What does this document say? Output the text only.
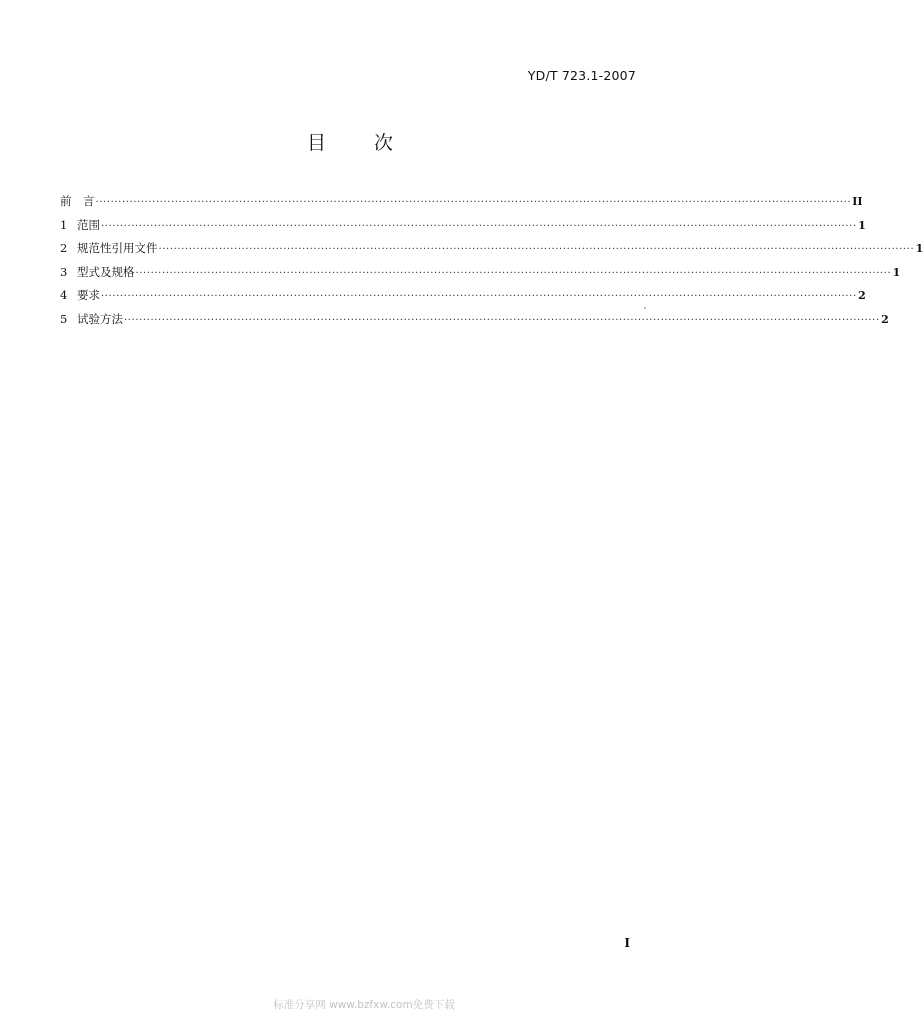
YD/T 723.1-2007
目次
前　言 ········································································································································································································ II
1 范围 ········································································································································································································ 1
2 规范性引用文件 ········································································································································································································ 1
3 型式及规格 ········································································································································································································ 1
4 要求 ········································································································································································································ 2
5 试验方法 ········································································································································································································ 2
I
标准分享网 www.bzfxw.com免费下载
